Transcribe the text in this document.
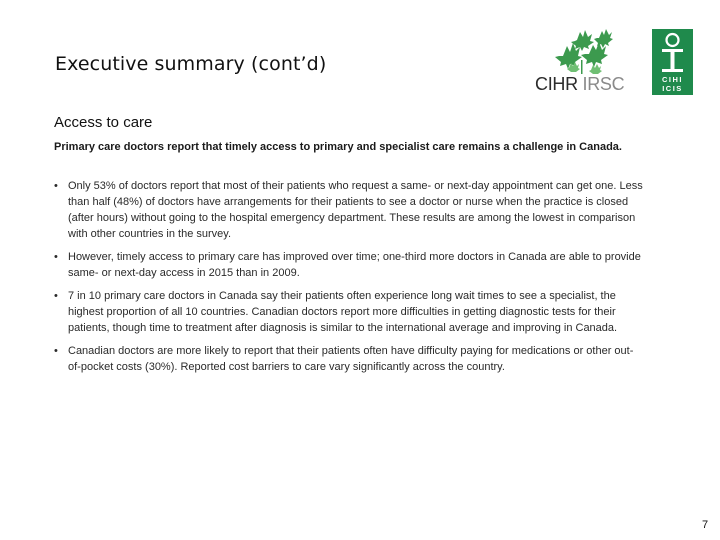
Executive summary (cont’d)
CIHR IRSC	CIHI
ICIS
Access to care
Primary care doctors report that timely access to primary and specialist care remains a challenge in Canada.
• Only 53% of doctors report that most of their patients who request a same- or next-day appointment can get one. Less than half (48%) of doctors have arrangements for their patients to see a doctor or nurse when the practice is closed (after hours) without going to the hospital emergency department. These results are among the lowest in comparison with other countries in the survey.
• However, timely access to primary care has improved over time; one-third more doctors in Canada are able to provide same- or next-day access in 2015 than in 2009.
• 7 in 10 primary care doctors in Canada say their patients often experience long wait times to see a specialist, the highest proportion of all 10 countries. Canadian doctors report more difficulties in getting diagnostic tests for their patients, though time to treatment after diagnosis is similar to the international average and improving in Canada.
• Canadian doctors are more likely to report that their patients often have difficulty paying for medications or other out-of-pocket costs (30%). Reported cost barriers to care vary significantly across the country.
7
